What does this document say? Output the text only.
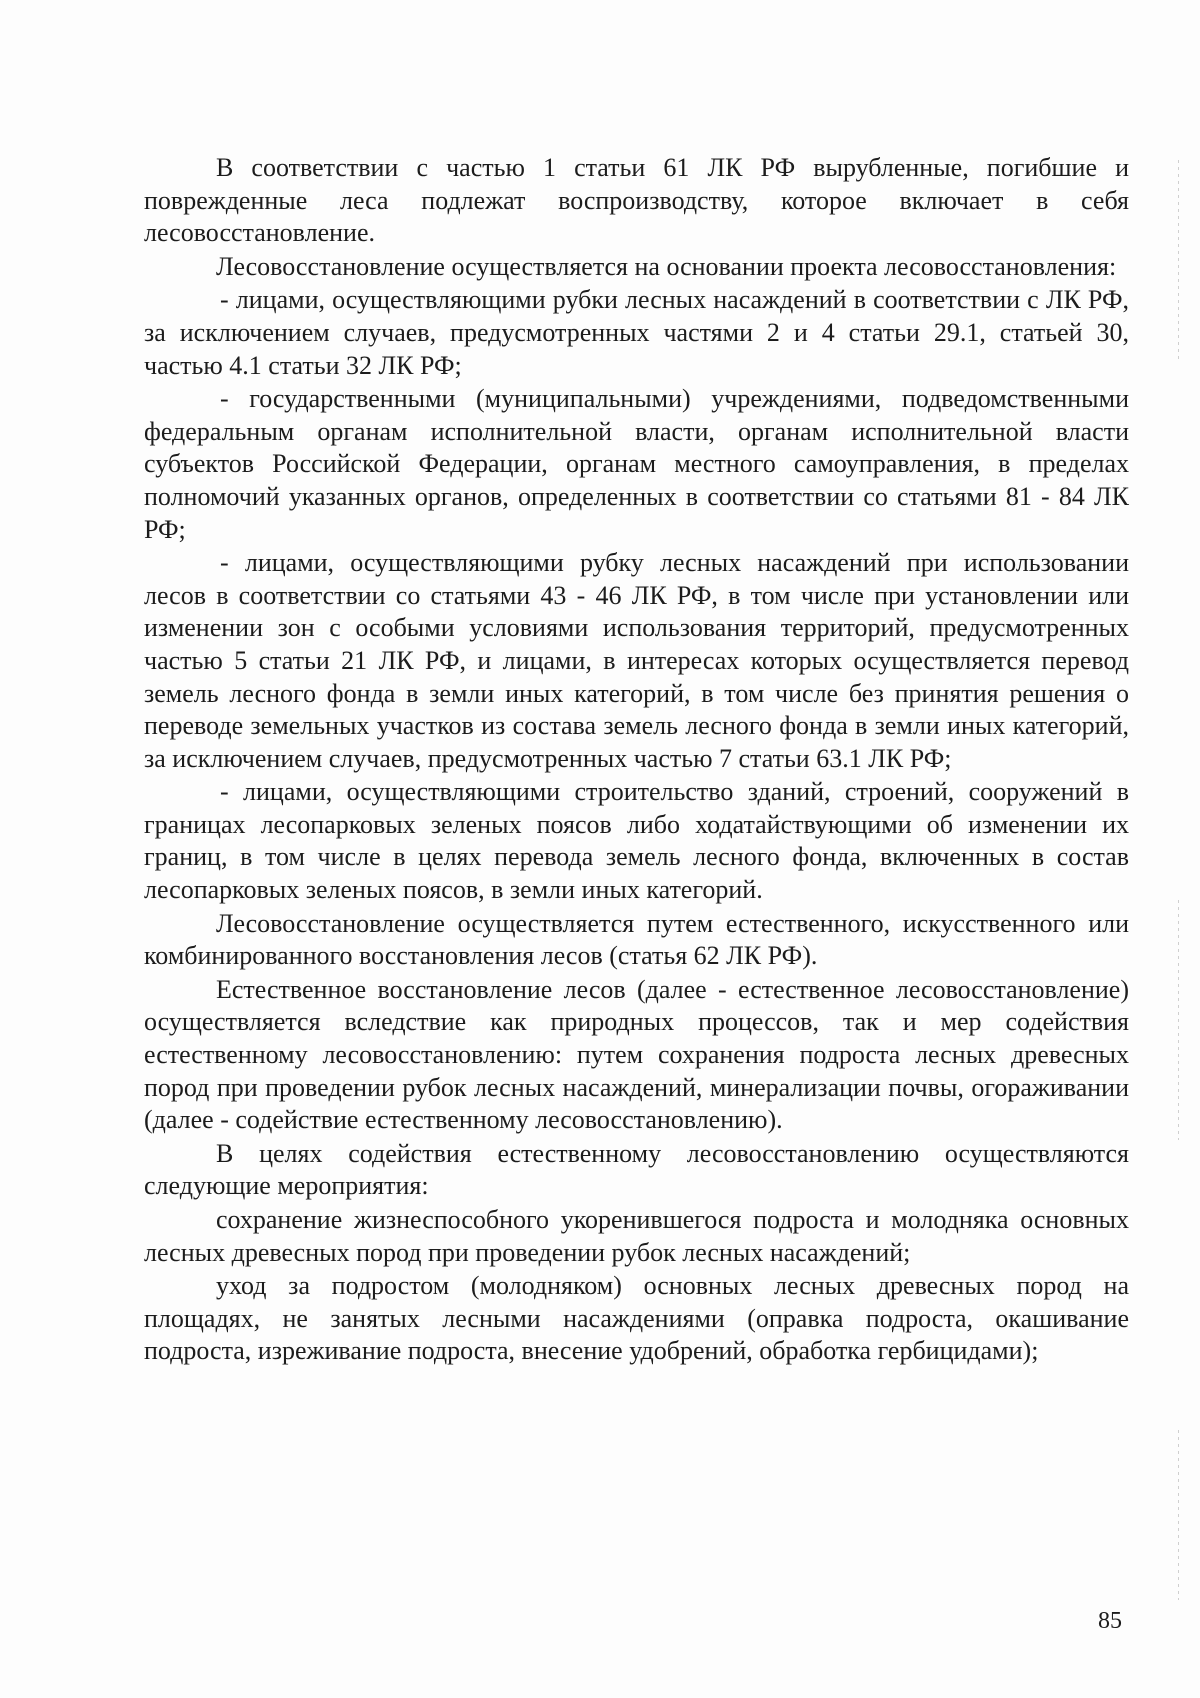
В соответствии с частью 1 статьи 61 ЛК РФ вырубленные, погибшие и поврежденные леса подлежат воспроизводству, которое включает в себя лесовосстановление.

Лесовосстановление осуществляется на основании проекта лесовосстановления:

- лицами, осуществляющими рубки лесных насаждений в соответствии с ЛК РФ, за исключением случаев, предусмотренных частями 2 и 4 статьи 29.1, статьей 30, частью 4.1 статьи 32 ЛК РФ;

- государственными (муниципальными) учреждениями, подведомственными федеральным органам исполнительной власти, органам исполнительной власти субъектов Российской Федерации, органам местного самоуправления, в пределах полномочий указанных органов, определенных в соответствии со статьями 81 - 84 ЛК РФ;

- лицами, осуществляющими рубку лесных насаждений при использовании лесов в соответствии со статьями 43 - 46 ЛК РФ, в том числе при установлении или изменении зон с особыми условиями использования территорий, предусмотренных частью 5 статьи 21 ЛК РФ, и лицами, в интересах которых осуществляется перевод земель лесного фонда в земли иных категорий, в том числе без принятия решения о переводе земельных участков из состава земель лесного фонда в земли иных категорий, за исключением случаев, предусмотренных частью 7 статьи 63.1 ЛК РФ;

- лицами, осуществляющими строительство зданий, строений, сооружений в границах лесопарковых зеленых поясов либо ходатайствующими об изменении их границ, в том числе в целях перевода земель лесного фонда, включенных в состав лесопарковых зеленых поясов, в земли иных категорий.

Лесовосстановление осуществляется путем естественного, искусственного или комбинированного восстановления лесов (статья 62 ЛК РФ).

Естественное восстановление лесов (далее - естественное лесовосстановление) осуществляется вследствие как природных процессов, так и мер содействия естественному лесовосстановлению: путем сохранения подроста лесных древесных пород при проведении рубок лесных насаждений, минерализации почвы, огораживании (далее - содействие естественному лесовосстановлению).

В целях содействия естественному лесовосстановлению осуществляются следующие мероприятия:

сохранение жизнеспособного укоренившегося подроста и молодняка основных лесных древесных пород при проведении рубок лесных насаждений;

уход за подростом (молодняком) основных лесных древесных пород на площадях, не занятых лесными насаждениями (оправка подроста, окашивание подроста, изреживание подроста, внесение удобрений, обработка гербицидами);

85
